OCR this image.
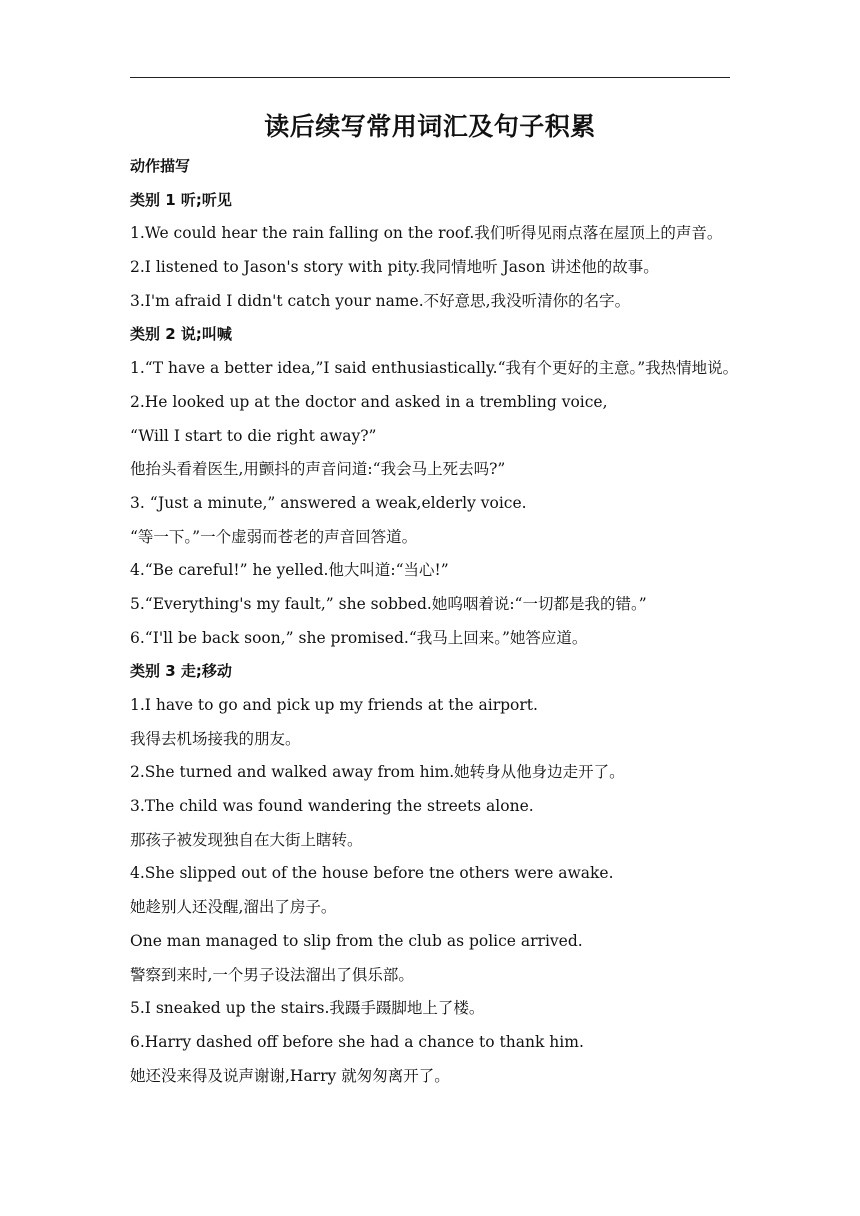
读后续写常用词汇及句子积累
动作描写
类别 1 听;听见
1.We could hear the rain falling on the roof.我们听得见雨点落在屋顶上的声音。
2.I listened to Jason's story with pity.我同情地听 Jason 讲述他的故事。
3.I'm afraid I didn't catch your name.不好意思,我没听清你的名字。
类别 2 说;叫喊
1.“T have a better idea,”I said enthusiastically.“我有个更好的主意。”我热情地说。
2.He looked up at the doctor and asked in a trembling voice,
“Will I start to die right away?”
他抬头看着医生,用颤抖的声音问道:“我会马上死去吗?”
3. “Just a minute,” answered a weak,elderly voice.
“等一下。”一个虚弱而苍老的声音回答道。
4.“Be careful!” he yelled.他大叫道:“当心!”
5.“Everything's my fault,” she sobbed.她呜咽着说:“一切都是我的错。”
6.“I'll be back soon,” she promised.“我马上回来。”她答应道。
类别 3 走;移动
1.I have to go and pick up my friends at the airport.
我得去机场接我的朋友。
2.She turned and walked away from him.她转身从他身边走开了。
3.The child was found wandering the streets alone.
那孩子被发现独自在大街上瞎转。
4.She slipped out of the house before tne others were awake.
她趁别人还没醒,溜出了房子。
One man managed to slip from the club as police arrived.
警察到来时,一个男子设法溜出了俱乐部。
5.I sneaked up the stairs.我蹑手蹑脚地上了楼。
6.Harry dashed off before she had a chance to thank him.
她还没来得及说声谢谢,Harry 就匆匆离开了。
